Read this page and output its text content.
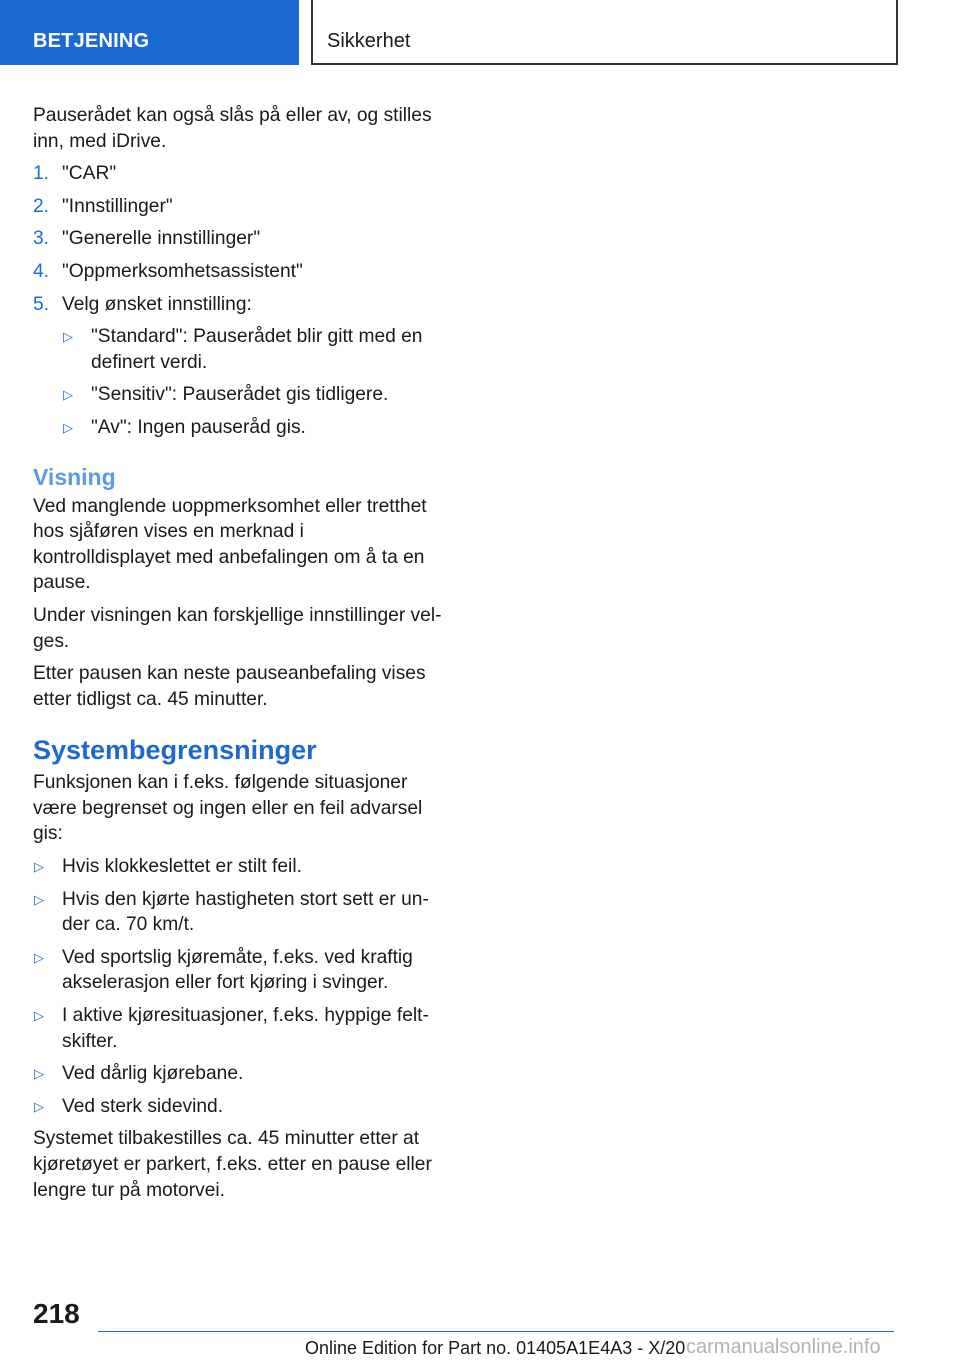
BETJENING	Sikkerhet

Pauserådet kan også slås på eller av, og stilles inn, med iDrive.

1. "CAR"
2. "Innstillinger"
3. "Generelle innstillinger"
4. "Oppmerksomhetsassistent"
5. Velg ønsket innstilling:
▷ "Standard": Pauserådet blir gitt med en definert verdi.
▷ "Sensitiv": Pauserådet gis tidligere.
▷ "Av": Ingen pauseråd gis.
Visning

Ved manglende uoppmerksomhet eller tretthet hos sjåføren vises en merknad i kontrolldisplayet med anbefalingen om å ta en pause.

Under visningen kan forskjellige innstillinger velges.

Etter pausen kan neste pauseanbefaling vises etter tidligst ca. 45 minutter.

Systembegrensninger

Funksjonen kan i f.eks. følgende situasjoner være begrenset og ingen eller en feil advarsel gis:

▷ Hvis klokkeslettet er stilt feil.
▷ Hvis den kjørte hastigheten stort sett er under ca. 70 km/t.
▷ Ved sportslig kjøremåte, f.eks. ved kraftig akselerasjon eller fort kjøring i svinger.
▷ I aktive kjøresituasjoner, f.eks. hyppige feltskifter.
▷ Ved dårlig kjørebane.
▷ Ved sterk sidevind.

Systemet tilbakestilles ca. 45 minutter etter at kjøretøyet er parkert, f.eks. etter en pause eller lengre tur på motorvei.

218
Online Edition for Part no. 01405A1E4A3 - X/20 carmanualsonline.info
